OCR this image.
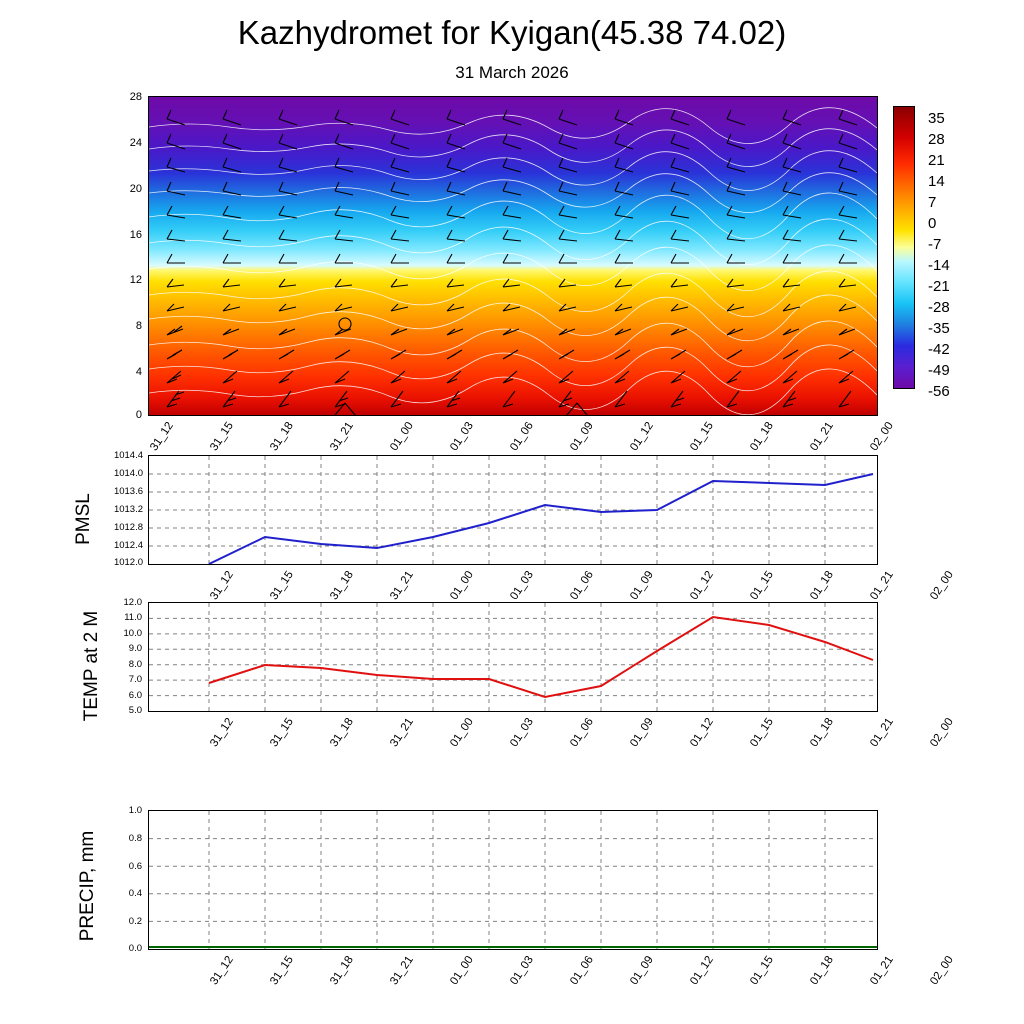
Kazhydromet for Kyigan(45.38 74.02)
31 March 2026
28
24
20
16
12
8
4
0
31_12	31_15	31_18	31_21	01_00	01_03	01_06	01_09	01_12	01_15	01_18	01_21	02_00
35
28
21
14
7
0
-7
-14
-21
-28
-35
-42
-49
-56
PMSL
1014.4
1014.0
1013.6
1013.2
1012.8
1012.4
1012.0
31_12	31_15	31_18	31_21	01_00	01_03	01_06	01_09	01_12	01_15	01_18	01_21	02_00
TEMP at 2 M
12.0
11.0
10.0
9.0
8.0
7.0
6.0
5.0
31_12	31_15	31_18	31_21	01_00	01_03	01_06	01_09	01_12	01_15	01_18	01_21	02_00
PRECIP, mm
1.0
0.8
0.6
0.4
0.2
0.0
31_12	31_15	31_18	31_21	01_00	01_03	01_06	01_09	01_12	01_15	01_18	01_21	02_00
